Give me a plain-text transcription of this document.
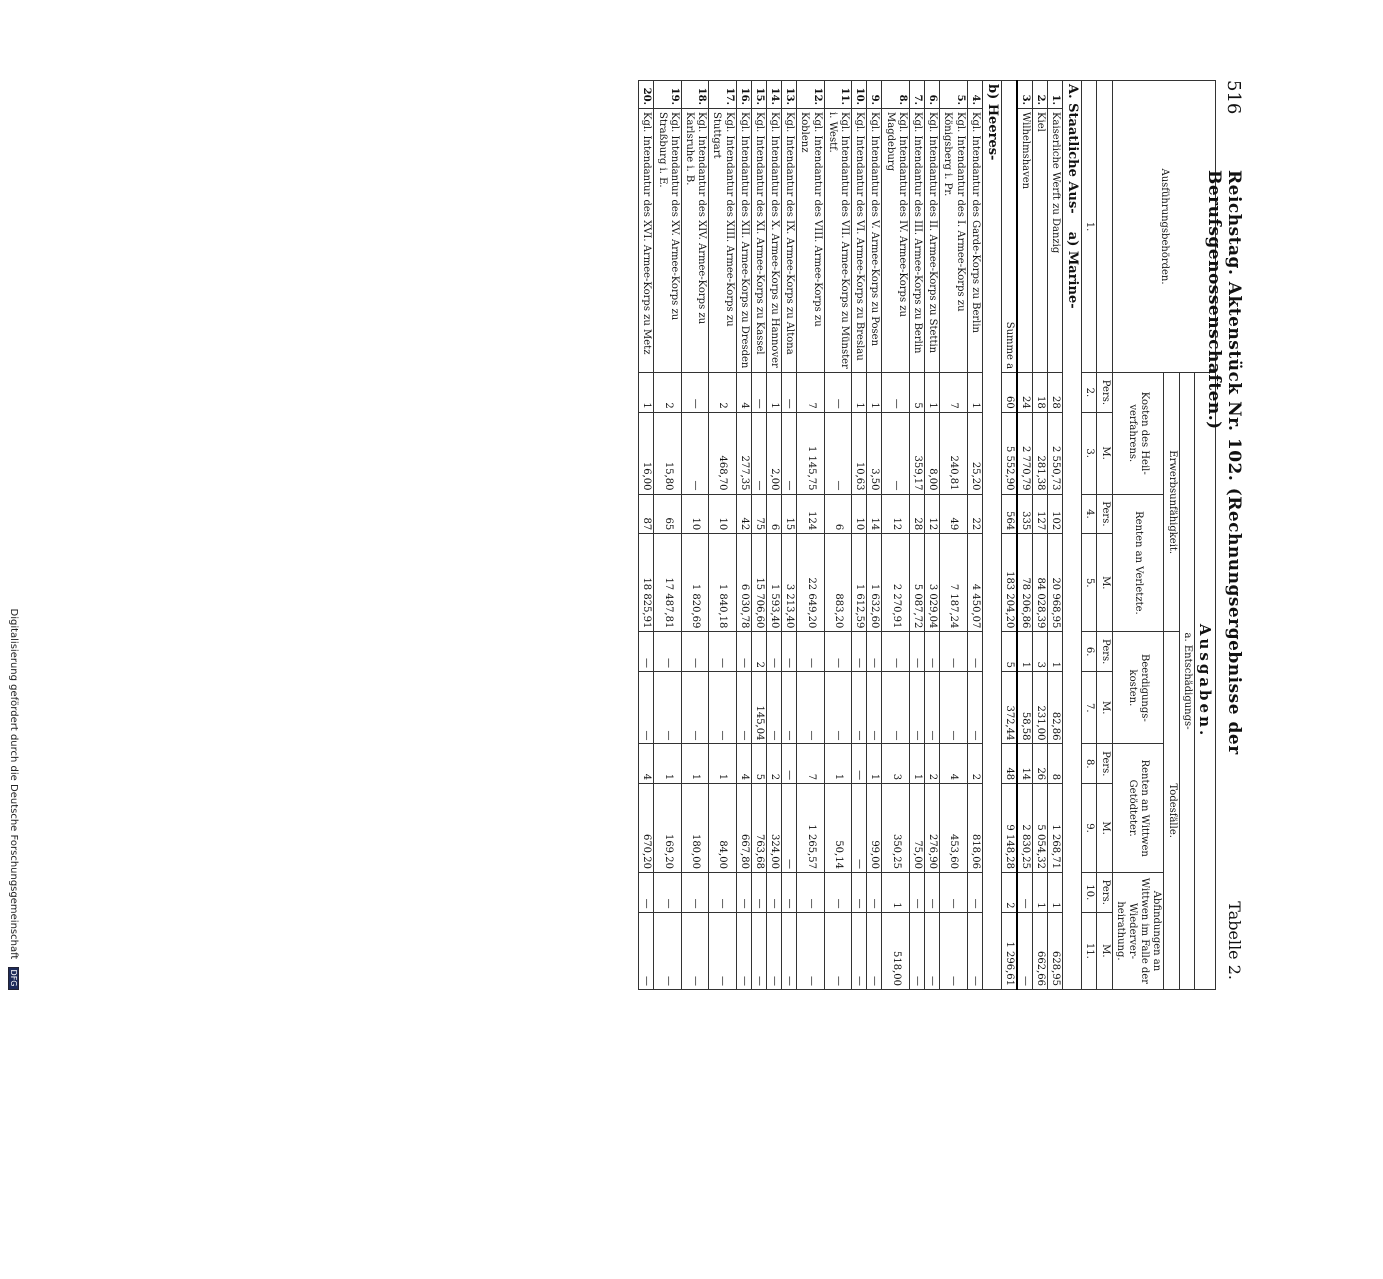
Digitalisierung gefördert durch die Deutsche Forschungsgemeinschaft DFG
516
Reichstag. Aktenstück Nr. 102. (Rechnungsergebnisse der Berufsgenossenschaften.)
Tabelle 2.
Ausführungsbehörden.		Ausgaben.									
		a. Entschädigungs-									
		Erwerbsunfähigkeit.				Todesfälle.					
		Kosten des Heil- verfahrens.		Renten an Verletzte.		Beerdigungs- kosten.		Renten an Wittwen Getödteter.		Abfindungen an Wittwen im Falle der Wiederver- heirathung.	
		Pers.	M.	Pers.	M.	Pers.	M.	Pers.	M.	Pers.	M.
1.		2.	3.	4.	5.	6.	7.	8.	9.	10.	11.
A. Staatliche Aus-    a) Marine-											
1.	Kaiserliche Werft zu Danzig	28	2 550,73	102	20 968,95	1	82,86	8	1 268,71	1	628,95
2.	Kiel	18	281,38	127	84 028,39	3	231,00	26	5 054,32	1	662,66
3.	Wilhelmshaven	24	2 770,79	335	78 206,86	1	58,58	14	2 830,25	—	—
Summe a		60	5 552,90	564	183 204,20	5	372,44	48	9 148,28	2	1 296,61
b) Heeres-											
4.	Kgl. Intendantur des Garde-Korps zu Berlin	1	25,20	22	4 450,07	—	—	2	818,06	—	—
5.	Kgl. Intendantur des I. Armee-Korps zu Königsberg i. Pr.	7	240,81	49	7 187,24	—	—	4	453,60	—	—
6.	Kgl. Intendantur des II. Armee-Korps zu Stettin	1	8,00	12	3 029,04	—	—	2	276,90	—	—
7.	Kgl. Intendantur des III. Armee-Korps zu Berlin	5	359,17	28	5 087,72	—	—	1	75,00	—	—
8.	Kgl. Intendantur des IV. Armee-Korps zu Magdeburg	—	—	12	2 270,91	—	—	3	350,25	1	518,00
9.	Kgl. Intendantur des V. Armee-Korps zu Posen	1	3,50	14	1 632,60	—	—	1	99,00	—	—
10.	Kgl. Intendantur des VI. Armee-Korps zu Breslau	1	10,63	10	1 612,59	—	—	—	—	—	—
11.	Kgl. Intendantur des VII. Armee-Korps zu Münster i. Westf.	—	—	6	883,20	—	—	1	50,14	—	—
12.	Kgl. Intendantur des VIII. Armee-Korps zu Koblenz	7	1 145,75	124	22 649,20	—	—	7	1 265,57	—	—
13.	Kgl. Intendantur des IX. Armee-Korps zu Altona	—	—	15	3 213,40	—	—	—	—	—	—
14.	Kgl. Intendantur des X. Armee-Korps zu Hannover	1	2,00	6	1 593,40	—	—	2	324,00	—	—
15.	Kgl. Intendantur des XI. Armee-Korps zu Kassel	—	—	75	15 706,60	2	145,04	5	763,68	—	—
16.	Kgl. Intendantur des XII. Armee-Korps zu Dresden	4	277,35	42	6 030,78	—	—	4	667,80	—	—
17.	Kgl. Intendantur des XIII. Armee-Korps zu Stuttgart	2	468,70	10	1 840,18	—	—	1	84,00	—	—
18.	Kgl. Intendantur des XIV. Armee-Korps zu Karlsruhe i. B.	—	—	10	1 820,69	—	—	1	180,00	—	—
19.	Kgl. Intendantur des XV. Armee-Korps zu Straßburg i. E.	2	15,80	65	17 487,81	—	—	1	169,20	—	—
20.	Kgl. Intendantur des XVI. Armee-Korps zu Metz	1	16,00	87	18 825,91	—	—	4	670,20	—	—
